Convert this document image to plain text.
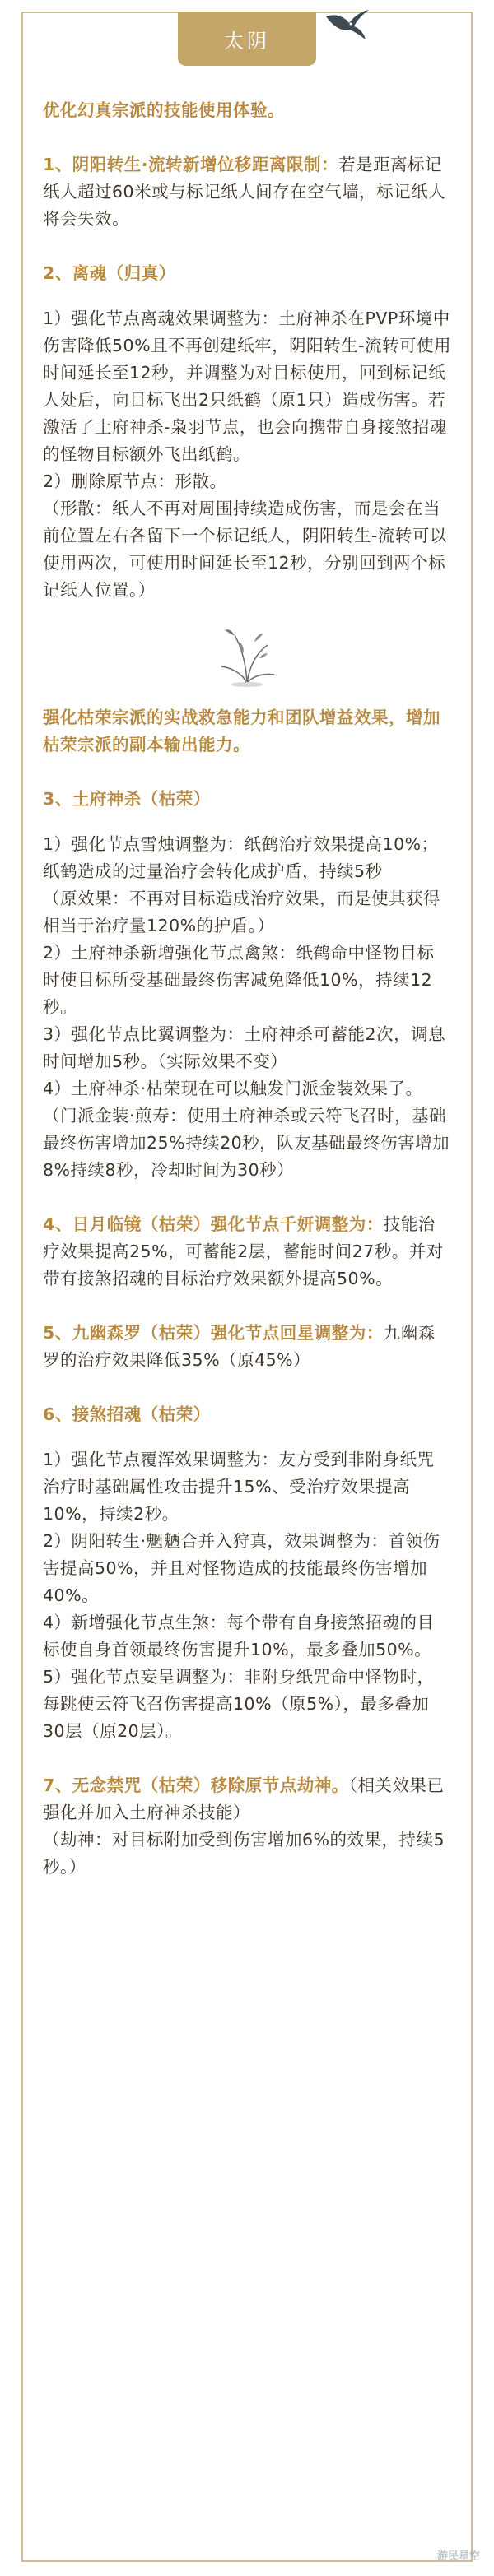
太阴

优化幻真宗派的技能使用体验。

1、阴阳转生·流转新增位移距离限制：若是距离标记纸人超过60米或与标记纸人间存在空气墙，标记纸人将会失效。

2、离魂（归真）

1）强化节点离魂效果调整为：土府神杀在PVP环境中伤害降低50%且不再创建纸牢，阴阳转生-流转可使用时间延长至12秒，并调整为对目标使用，回到标记纸人处后，向目标飞出2只纸鹤（原1只）造成伤害。若激活了土府神杀-枭羽节点，也会向携带自身接煞招魂的怪物目标额外飞出纸鹤。

2）删除原节点：形散。

（形散：纸人不再对周围持续造成伤害，而是会在当前位置左右各留下一个标记纸人，阴阳转生-流转可以使用两次，可使用时间延长至12秒，分别回到两个标记纸人位置。）

强化枯荣宗派的实战救急能力和团队增益效果，增加枯荣宗派的副本输出能力。

3、土府神杀（枯荣）

1）强化节点雪烛调整为：纸鹤治疗效果提高10%；纸鹤造成的过量治疗会转化成护盾，持续5秒

（原效果：不再对目标造成治疗效果，而是使其获得相当于治疗量120%的护盾。）

2）土府神杀新增强化节点禽煞：纸鹤命中怪物目标时使目标所受基础最终伤害减免降低10%，持续12秒。

3）强化节点比翼调整为：土府神杀可蓄能2次，调息时间增加5秒。（实际效果不变）

4）土府神杀·枯荣现在可以触发门派金装效果了。

（门派金装·煎寿：使用土府神杀或云符飞召时，基础最终伤害增加25%持续20秒，队友基础最终伤害增加8%持续8秒，冷却时间为30秒）

4、日月临镜（枯荣）强化节点千妍调整为：技能治疗效果提高25%，可蓄能2层，蓄能时间27秒。并对带有接煞招魂的目标治疗效果额外提高50%。

5、九幽森罗（枯荣）强化节点回星调整为：九幽森罗的治疗效果降低35%（原45%）

6、接煞招魂（枯荣）

1）强化节点覆浑效果调整为：友方受到非附身纸咒治疗时基础属性攻击提升15%、受治疗效果提高10%，持续2秒。

2）阴阳转生·魍魉合并入狩真，效果调整为：首领伤害提高50%，并且对怪物造成的技能最终伤害增加40%。

4）新增强化节点生煞：每个带有自身接煞招魂的目标使自身首领最终伤害提升10%，最多叠加50%。

5）强化节点妄呈调整为：非附身纸咒命中怪物时，每跳使云符飞召伤害提高10%（原5%），最多叠加30层（原20层）。

7、无念禁咒（枯荣）移除原节点劫神。（相关效果已强化并加入土府神杀技能）

（劫神：对目标附加受到伤害增加6%的效果，持续5秒。）

游民星空
